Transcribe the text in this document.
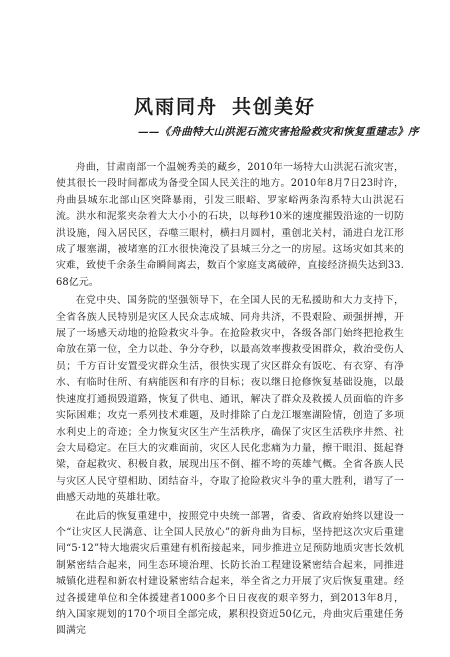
风雨同舟 共创美好

——《舟曲特大山洪泥石流灾害抢险救灾和恢复重建志》序

舟曲，甘肃南部一个温婉秀美的藏乡，2010年一场特大山洪泥石流灾害，使其很长一段时间都成为备受全国人民关注的地方。2010年8月7日23时许，舟曲县城东北部山区突降暴雨，引发三眼峪、罗家峪两条沟系特大山洪泥石流。洪水和泥浆夹杂着大大小小的石块，以每秒10米的速度摧毁沿途的一切防洪设施，闯入居民区，吞噬三眼村，横扫月圆村，重创北关村，涌进白龙江形成了堰塞湖，被堵塞的江水很快淹没了县城三分之一的房屋。这场灾如其来的灾难，致使千余条生命瞬间离去，数百个家庭支离破碎，直接经济损失达到33.68亿元。

在党中央、国务院的坚强领导下，在全国人民的无私援助和大力支持下，全省各族人民特别是灾区人民众志成城、同舟共济，不畏艰险、顽强拼搏，开展了一场感天动地的抢险救灾斗争。在抢险救灾中，各级各部门始终把抢救生命放在第一位，全力以赴、争分夺秒，以最高效率搜救受困群众，救治受伤人员；千方百计安置受灾群众生活，很快实现了灾区群众有饭吃、有衣穿、有净水、有临时住所、有病能医和有序的目标；夜以继日抢修恢复基础设施，以最快速度打通损毁道路，恢复了供电、通讯，解决了群众及救援人员面临的许多实际困难；攻克一系列技术难题，及时排除了白龙江堰塞湖险情，创造了多项水利史上的奇迹；全力恢复灾区生产生活秩序，确保了灾区生活秩序井然、社会大局稳定。在巨大的灾难面前，灾区人民化悲痛为力量，擦干眼泪、挺起脊梁，奋起救灾、积极自救，展现出压不倒、摧不垮的英雄气概。全省各族人民与灾区人民守望相助、团结奋斗，夺取了抢险救灾斗争的重大胜利，谱写了一曲感天动地的英雄壮歌。

在此后的恢复重建中，按照党中央统一部署，省委、省政府始终以建设一个“让灾区人民满意、让全国人民放心”的新舟曲为目标，坚持把这次灾后重建同“5·12”特大地震灾后重建有机衔接起来，同步推进立足预防地质灾害长效机制紧密结合起来，同生态环境治理、长防长治工程建设紧密结合起来，同推进城镇化进程和新农村建设紧密结合起来，举全省之力开展了灾后恢复重建。经过各援建单位和全体援建者1000多个日日夜夜的艰辛努力，到2013年8月，纳入国家规划的170个项目全部完成，累积投资近50亿元，舟曲灾后重建任务圆满完
